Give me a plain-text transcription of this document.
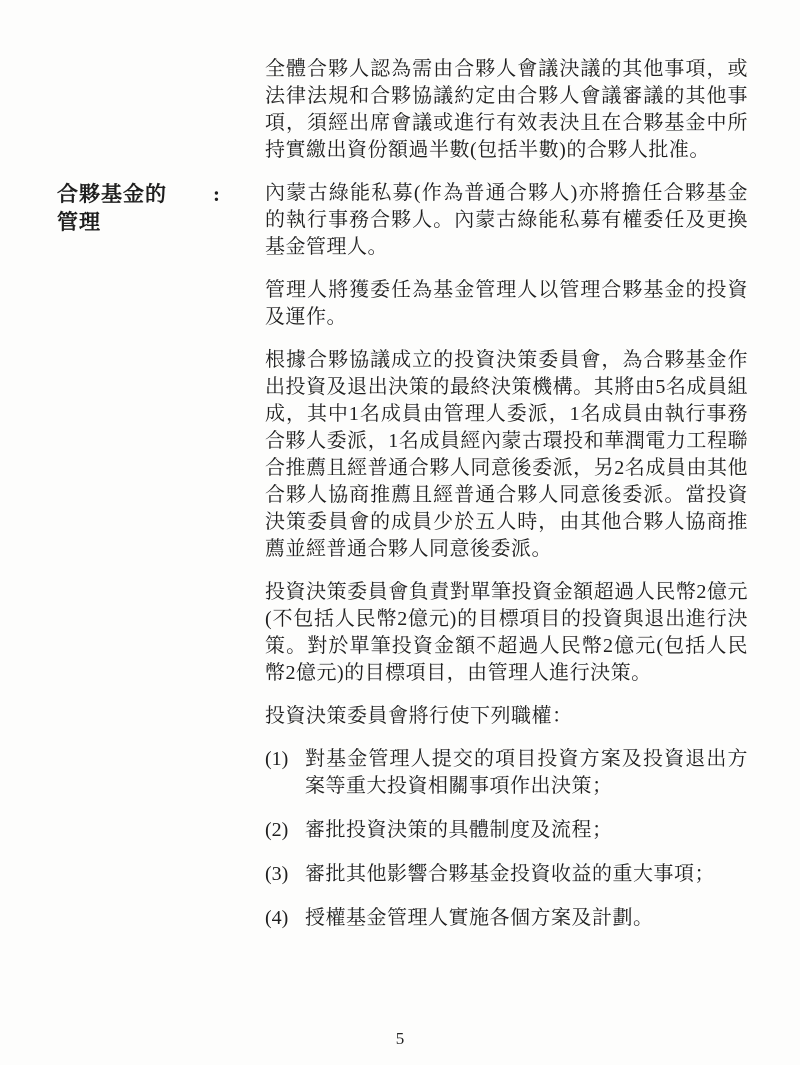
全體合夥人認為需由合夥人會議決議的其他事項，或法律法規和合夥協議約定由合夥人會議審議的其他事項，須經出席會議或進行有效表決且在合夥基金中所持實繳出資份額過半數(包括半數)的合夥人批准。

合夥基金的管理
:	內蒙古綠能私募(作為普通合夥人)亦將擔任合夥基金的執行事務合夥人。內蒙古綠能私募有權委任及更換基金管理人。

管理人將獲委任為基金管理人以管理合夥基金的投資及運作。

根據合夥協議成立的投資決策委員會，為合夥基金作出投資及退出決策的最終決策機構。其將由5名成員組成，其中1名成員由管理人委派，1名成員由執行事務合夥人委派，1名成員經內蒙古環投和華潤電力工程聯合推薦且經普通合夥人同意後委派，另2名成員由其他合夥人協商推薦且經普通合夥人同意後委派。當投資決策委員會的成員少於五人時，由其他合夥人協商推薦並經普通合夥人同意後委派。

投資決策委員會負責對單筆投資金額超過人民幣2億元(不包括人民幣2億元)的目標項目的投資與退出進行決策。對於單筆投資金額不超過人民幣2億元(包括人民幣2億元)的目標項目，由管理人進行決策。

投資決策委員會將行使下列職權：

(1) 對基金管理人提交的項目投資方案及投資退出方案等重大投資相關事項作出決策；
(2) 審批投資決策的具體制度及流程；
(3) 審批其他影響合夥基金投資收益的重大事項；
(4) 授權基金管理人實施各個方案及計劃。
5
